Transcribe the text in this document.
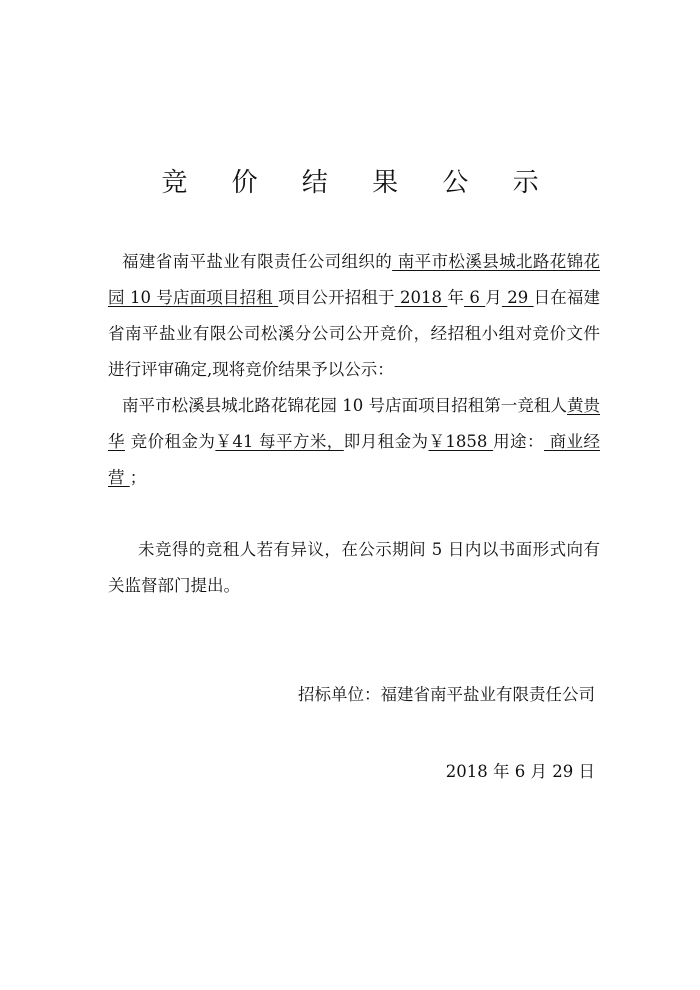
竞 价 结 果 公 示
福建省南平盐业有限责任公司组织的 南平市松溪县城北路花锦花园 10 号店面项目招租 项目公开招租于 2018 年 6 月 29 日在福建省南平盐业有限公司松溪分公司公开竞价，经招租小组对竞价文件进行评审确定,现将竞价结果予以公示：
南平市松溪县城北路花锦花园 10 号店面项目招租第一竞租人黄贵华 竞价租金为￥41 每平方米，即月租金为￥1858 用途： 商业经营 ；
未竞得的竞租人若有异议，在公示期间 5 日内以书面形式向有关监督部门提出。
招标单位：福建省南平盐业有限责任公司
2018 年 6 月 29 日
